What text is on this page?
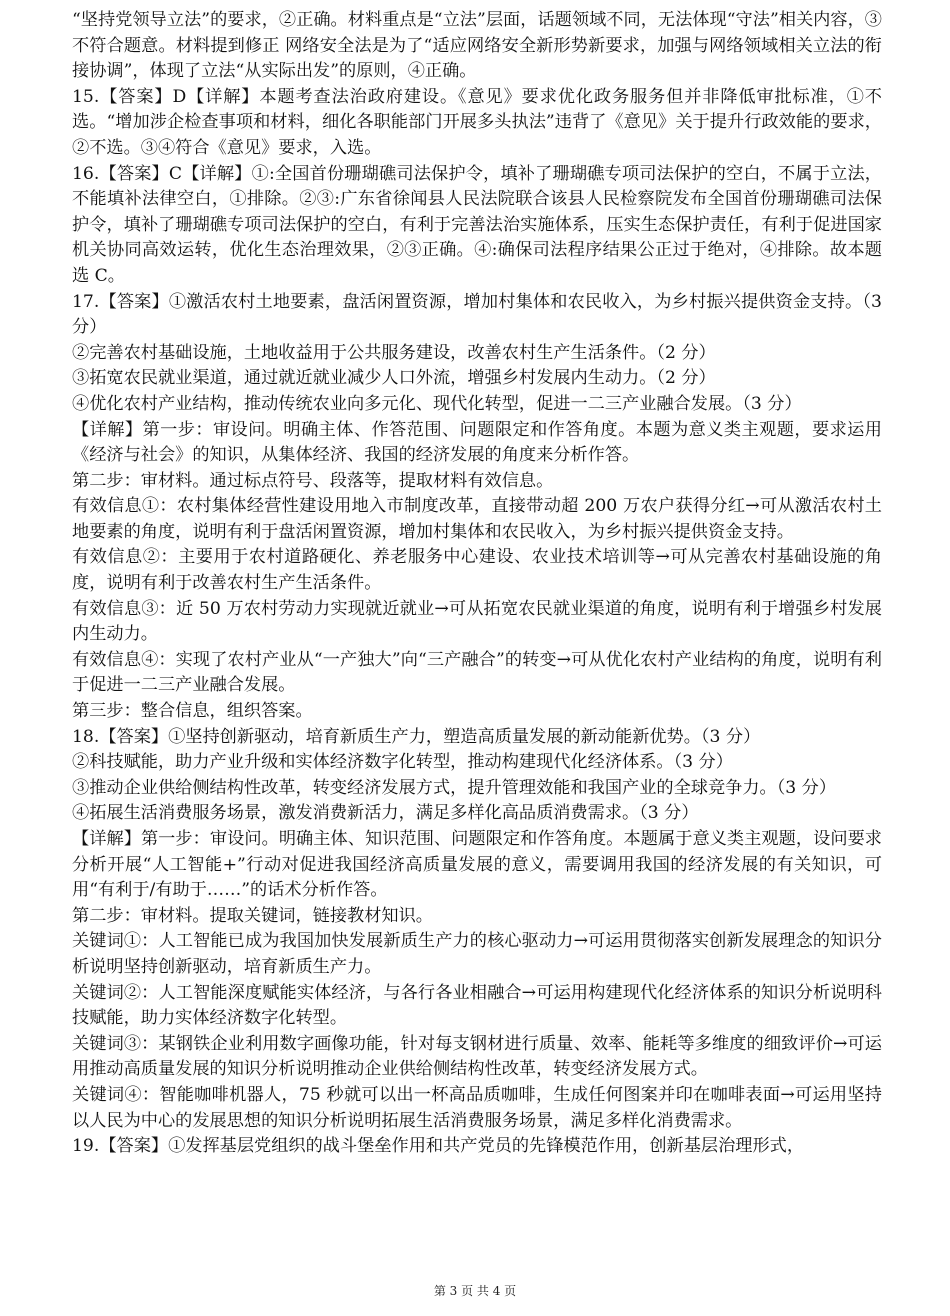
“坚持党领导立法”的要求，②正确。材料重点是“立法”层面，话题领域不同，无法体现“守法”相关内容，③不符合题意。材料提到修正 网络安全法是为了“适应网络安全新形势新要求，加强与网络领域相关立法的衔接协调”，体现了立法“从实际出发”的原则，④正确。

15.【答案】D【详解】本题考查法治政府建设。《意见》要求优化政务服务但并非降低审批标准，①不选。“增加涉企检查事项和材料，细化各职能部门开展多头执法”违背了《意见》关于提升行政效能的要求，②不选。③④符合《意见》要求，入选。

16.【答案】C【详解】①:全国首份珊瑚礁司法保护令，填补了珊瑚礁专项司法保护的空白，不属于立法，不能填补法律空白，①排除。②③:广东省徐闻县人民法院联合该县人民检察院发布全国首份珊瑚礁司法保护令，填补了珊瑚礁专项司法保护的空白，有利于完善法治实施体系，压实生态保护责任，有利于促进国家机关协同高效运转，优化生态治理效果，②③正确。④:确保司法程序结果公正过于绝对，④排除。故本题选 C。

17.【答案】①激活农村土地要素，盘活闲置资源，增加村集体和农民收入，为乡村振兴提供资金支持。（3 分）

②完善农村基础设施，土地收益用于公共服务建设，改善农村生产生活条件。（2 分）

③拓宽农民就业渠道，通过就近就业减少人口外流，增强乡村发展内生动力。（2 分）

④优化农村产业结构，推动传统农业向多元化、现代化转型，促进一二三产业融合发展。（3 分）

【详解】第一步：审设问。明确主体、作答范围、问题限定和作答角度。本题为意义类主观题，要求运用《经济与社会》的知识，从集体经济、我国的经济发展的角度来分析作答。

第二步：审材料。通过标点符号、段落等，提取材料有效信息。

有效信息①：农村集体经营性建设用地入市制度改革，直接带动超 200 万农户获得分红→可从激活农村土地要素的角度，说明有利于盘活闲置资源，增加村集体和农民收入，为乡村振兴提供资金支持。

有效信息②：主要用于农村道路硬化、养老服务中心建设、农业技术培训等→可从完善农村基础设施的角度，说明有利于改善农村生产生活条件。

有效信息③：近 50 万农村劳动力实现就近就业→可从拓宽农民就业渠道的角度，说明有利于增强乡村发展内生动力。

有效信息④：实现了农村产业从“一产独大”向“三产融合”的转变→可从优化农村产业结构的角度，说明有利于促进一二三产业融合发展。

第三步：整合信息，组织答案。

18.【答案】①坚持创新驱动，培育新质生产力，塑造高质量发展的新动能新优势。（3 分）

②科技赋能，助力产业升级和实体经济数字化转型，推动构建现代化经济体系。（3 分）

③推动企业供给侧结构性改革，转变经济发展方式，提升管理效能和我国产业的全球竞争力。（3 分）

④拓展生活消费服务场景，激发消费新活力，满足多样化高品质消费需求。（3 分）

【详解】第一步：审设问。明确主体、知识范围、问题限定和作答角度。本题属于意义类主观题，设问要求分析开展“人工智能+”行动对促进我国经济高质量发展的意义，需要调用我国的经济发展的有关知识，可用“有利于/有助于……”的话术分析作答。

第二步：审材料。提取关键词，链接教材知识。

关键词①：人工智能已成为我国加快发展新质生产力的核心驱动力→可运用贯彻落实创新发展理念的知识分析说明坚持创新驱动，培育新质生产力。

关键词②：人工智能深度赋能实体经济，与各行各业相融合→可运用构建现代化经济体系的知识分析说明科技赋能，助力实体经济数字化转型。

关键词③：某钢铁企业利用数字画像功能，针对每支钢材进行质量、效率、能耗等多维度的细致评价→可运用推动高质量发展的知识分析说明推动企业供给侧结构性改革，转变经济发展方式。

关键词④：智能咖啡机器人，75 秒就可以出一杯高品质咖啡，生成任何图案并印在咖啡表面→可运用坚持以人民为中心的发展思想的知识分析说明拓展生活消费服务场景，满足多样化消费需求。

19.【答案】①发挥基层党组织的战斗堡垒作用和共产党员的先锋模范作用，创新基层治理形式，

第 3 页 共 4 页
